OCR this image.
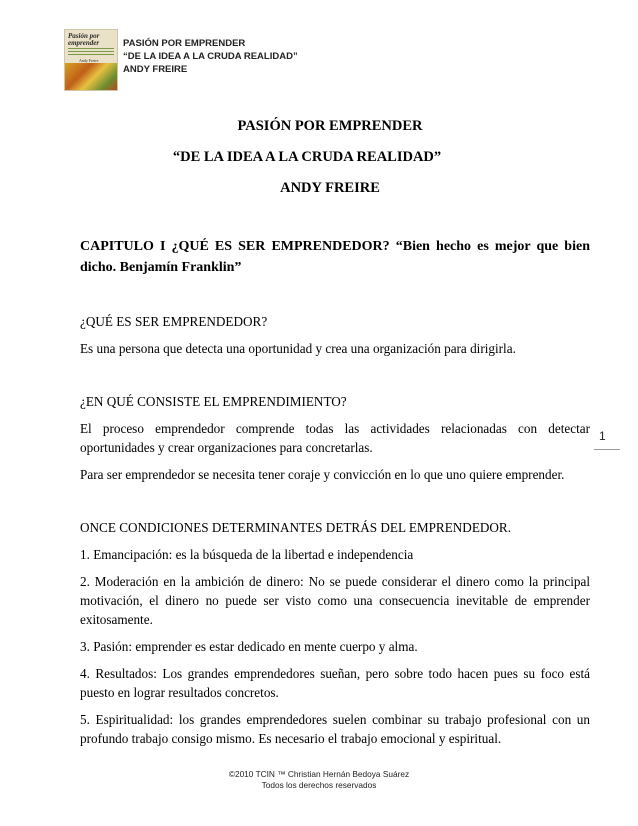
Pasión por emprender
Andy Freire
PASIÓN POR EMPRENDER
“DE LA IDEA A LA CRUDA REALIDAD”
ANDY FREIRE
PASIÓN POR EMPRENDER
“DE LA IDEA A LA CRUDA REALIDAD”
ANDY FREIRE

CAPITULO I ¿QUÉ ES SER EMPRENDEDOR? “Bien hecho es mejor que bien dicho. Benjamín Franklin”

¿QUÉ ES SER EMPRENDEDOR?

Es una persona que detecta una oportunidad y crea una organización para dirigirla.

¿EN QUÉ CONSISTE EL EMPRENDIMIENTO?

El proceso emprendedor comprende todas las actividades relacionadas con detectar oportunidades y crear organizaciones para concretarlas.

Para ser emprendedor se necesita tener coraje y convicción en lo que uno quiere emprender.

ONCE CONDICIONES DETERMINANTES DETRÁS DEL EMPRENDEDOR.

1. Emancipación: es la búsqueda de la libertad e independencia

2. Moderación en la ambición de dinero: No se puede considerar el dinero como la principal motivación, el dinero no puede ser visto como una consecuencia inevitable de emprender exitosamente.

3. Pasión: emprender es estar dedicado en mente cuerpo y alma.

4. Resultados: Los grandes emprendedores sueñan, pero sobre todo hacen pues su foco está puesto en lograr resultados concretos.

5. Espiritualidad: los grandes emprendedores suelen combinar su trabajo profesional con un profundo trabajo consigo mismo. Es necesario el trabajo emocional y espiritual.

1
©2010 TCIN ™ Christian Hernán Bedoya Suárez
Todos los derechos reservados
